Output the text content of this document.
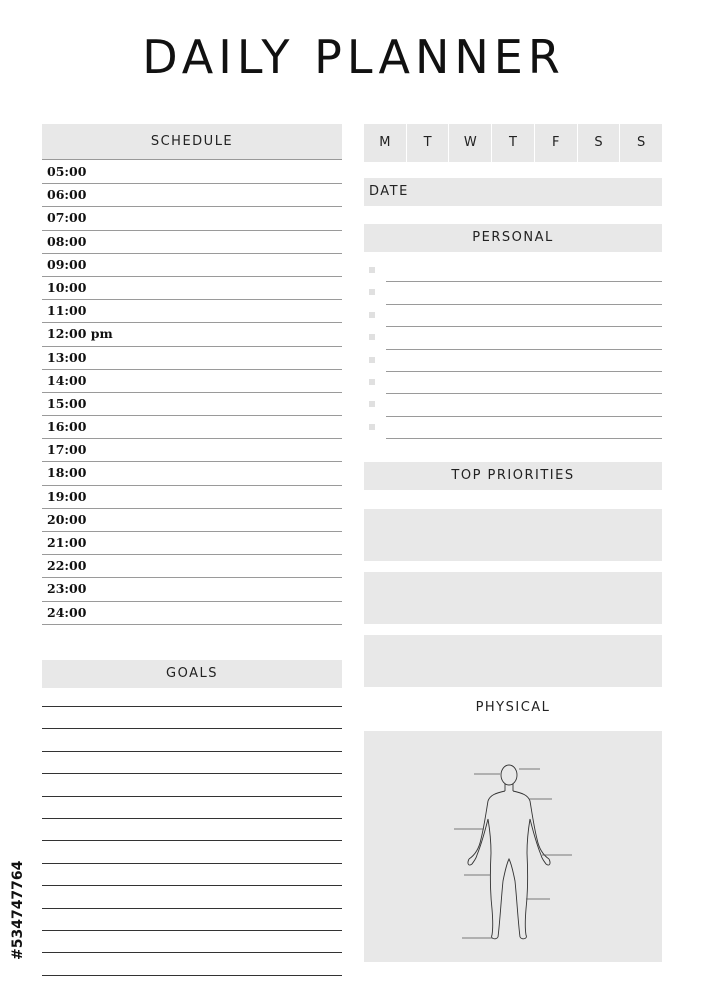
DAILY PLANNER
SCHEDULE
05:00
06:00
07:00
08:00
09:00
10:00
11:00
12:00 pm
13:00
14:00
15:00
16:00
17:00
18:00
19:00
20:00
21:00
22:00
23:00
24:00
GOALS
M	T	W	T	F	S	S
DATE
PERSONAL
TOP PRIORITIES
PHYSICAL
#534747764
